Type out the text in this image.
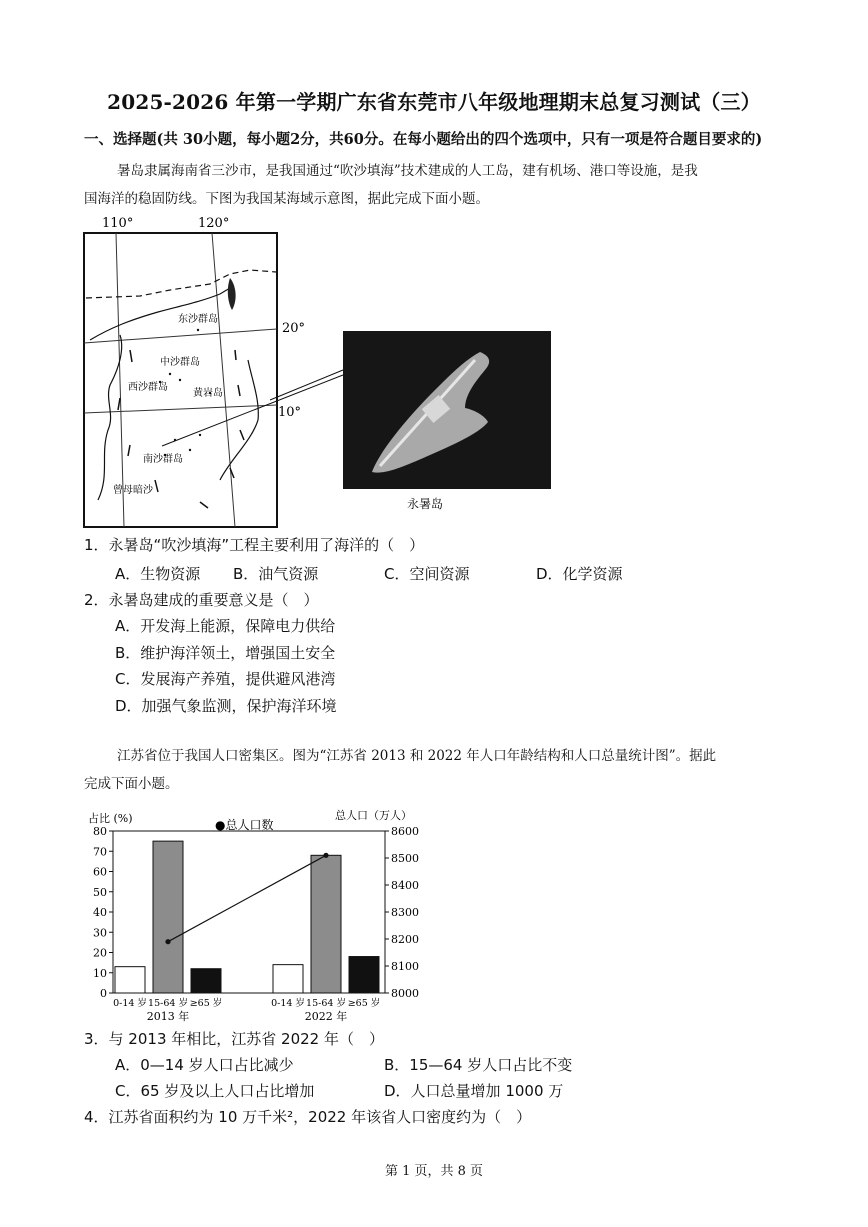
2025-2026 年第一学期广东省东莞市八年级地理期末总复习测试（三）
一、选择题(共 30小题，每小题2分，共60分。在每小题给出的四个选项中，只有一项是符合题目要求的)
暑岛隶属海南省三沙市，是我国通过“吹沙填海”技术建成的人工岛，建有机场、港口等设施，是我
国海洋的稳固防线。下图为我国某海域示意图，据此完成下面小题。
110°	120°
20°
10°
东沙群岛
中沙群岛
西沙群岛
黄岩岛
南沙群岛
曾母暗沙
永暑岛
1．永暑岛“吹沙填海”工程主要利用了海洋的（　）
A．生物资源 B．油气资源	C．空间资源	D．化学资源
2．永暑岛建成的重要意义是（　）
A．开发海上能源，保障电力供给
B．维护海洋领土，增强国土安全
C．发展海产养殖，提供避风港湾
D．加强气象监测，保护海洋环境
江苏省位于我国人口密集区。图为“江苏省 2013 和 2022 年人口年龄结构和人口总量统计图”。据此
完成下面小题。
占比 (%)	总人口（万人）
●总人口数
0
10
20
30
40
50
60
70
80
8000
8100
8200
8300
8400
8500
8600
0-14 岁 15-64 岁 ≥65 岁
2013 年
0-14 岁 15-64 岁 ≥65 岁
2022 年
3．与 2013 年相比，江苏省 2022 年（　）
A．0—14 岁人口占比减少	B．15—64 岁人口占比不变
C．65 岁及以上人口占比增加	D．人口总量增加 1000 万
4．江苏省面积约为 10 万千米²，2022 年该省人口密度约为（　）
第 1 页，共 8 页
